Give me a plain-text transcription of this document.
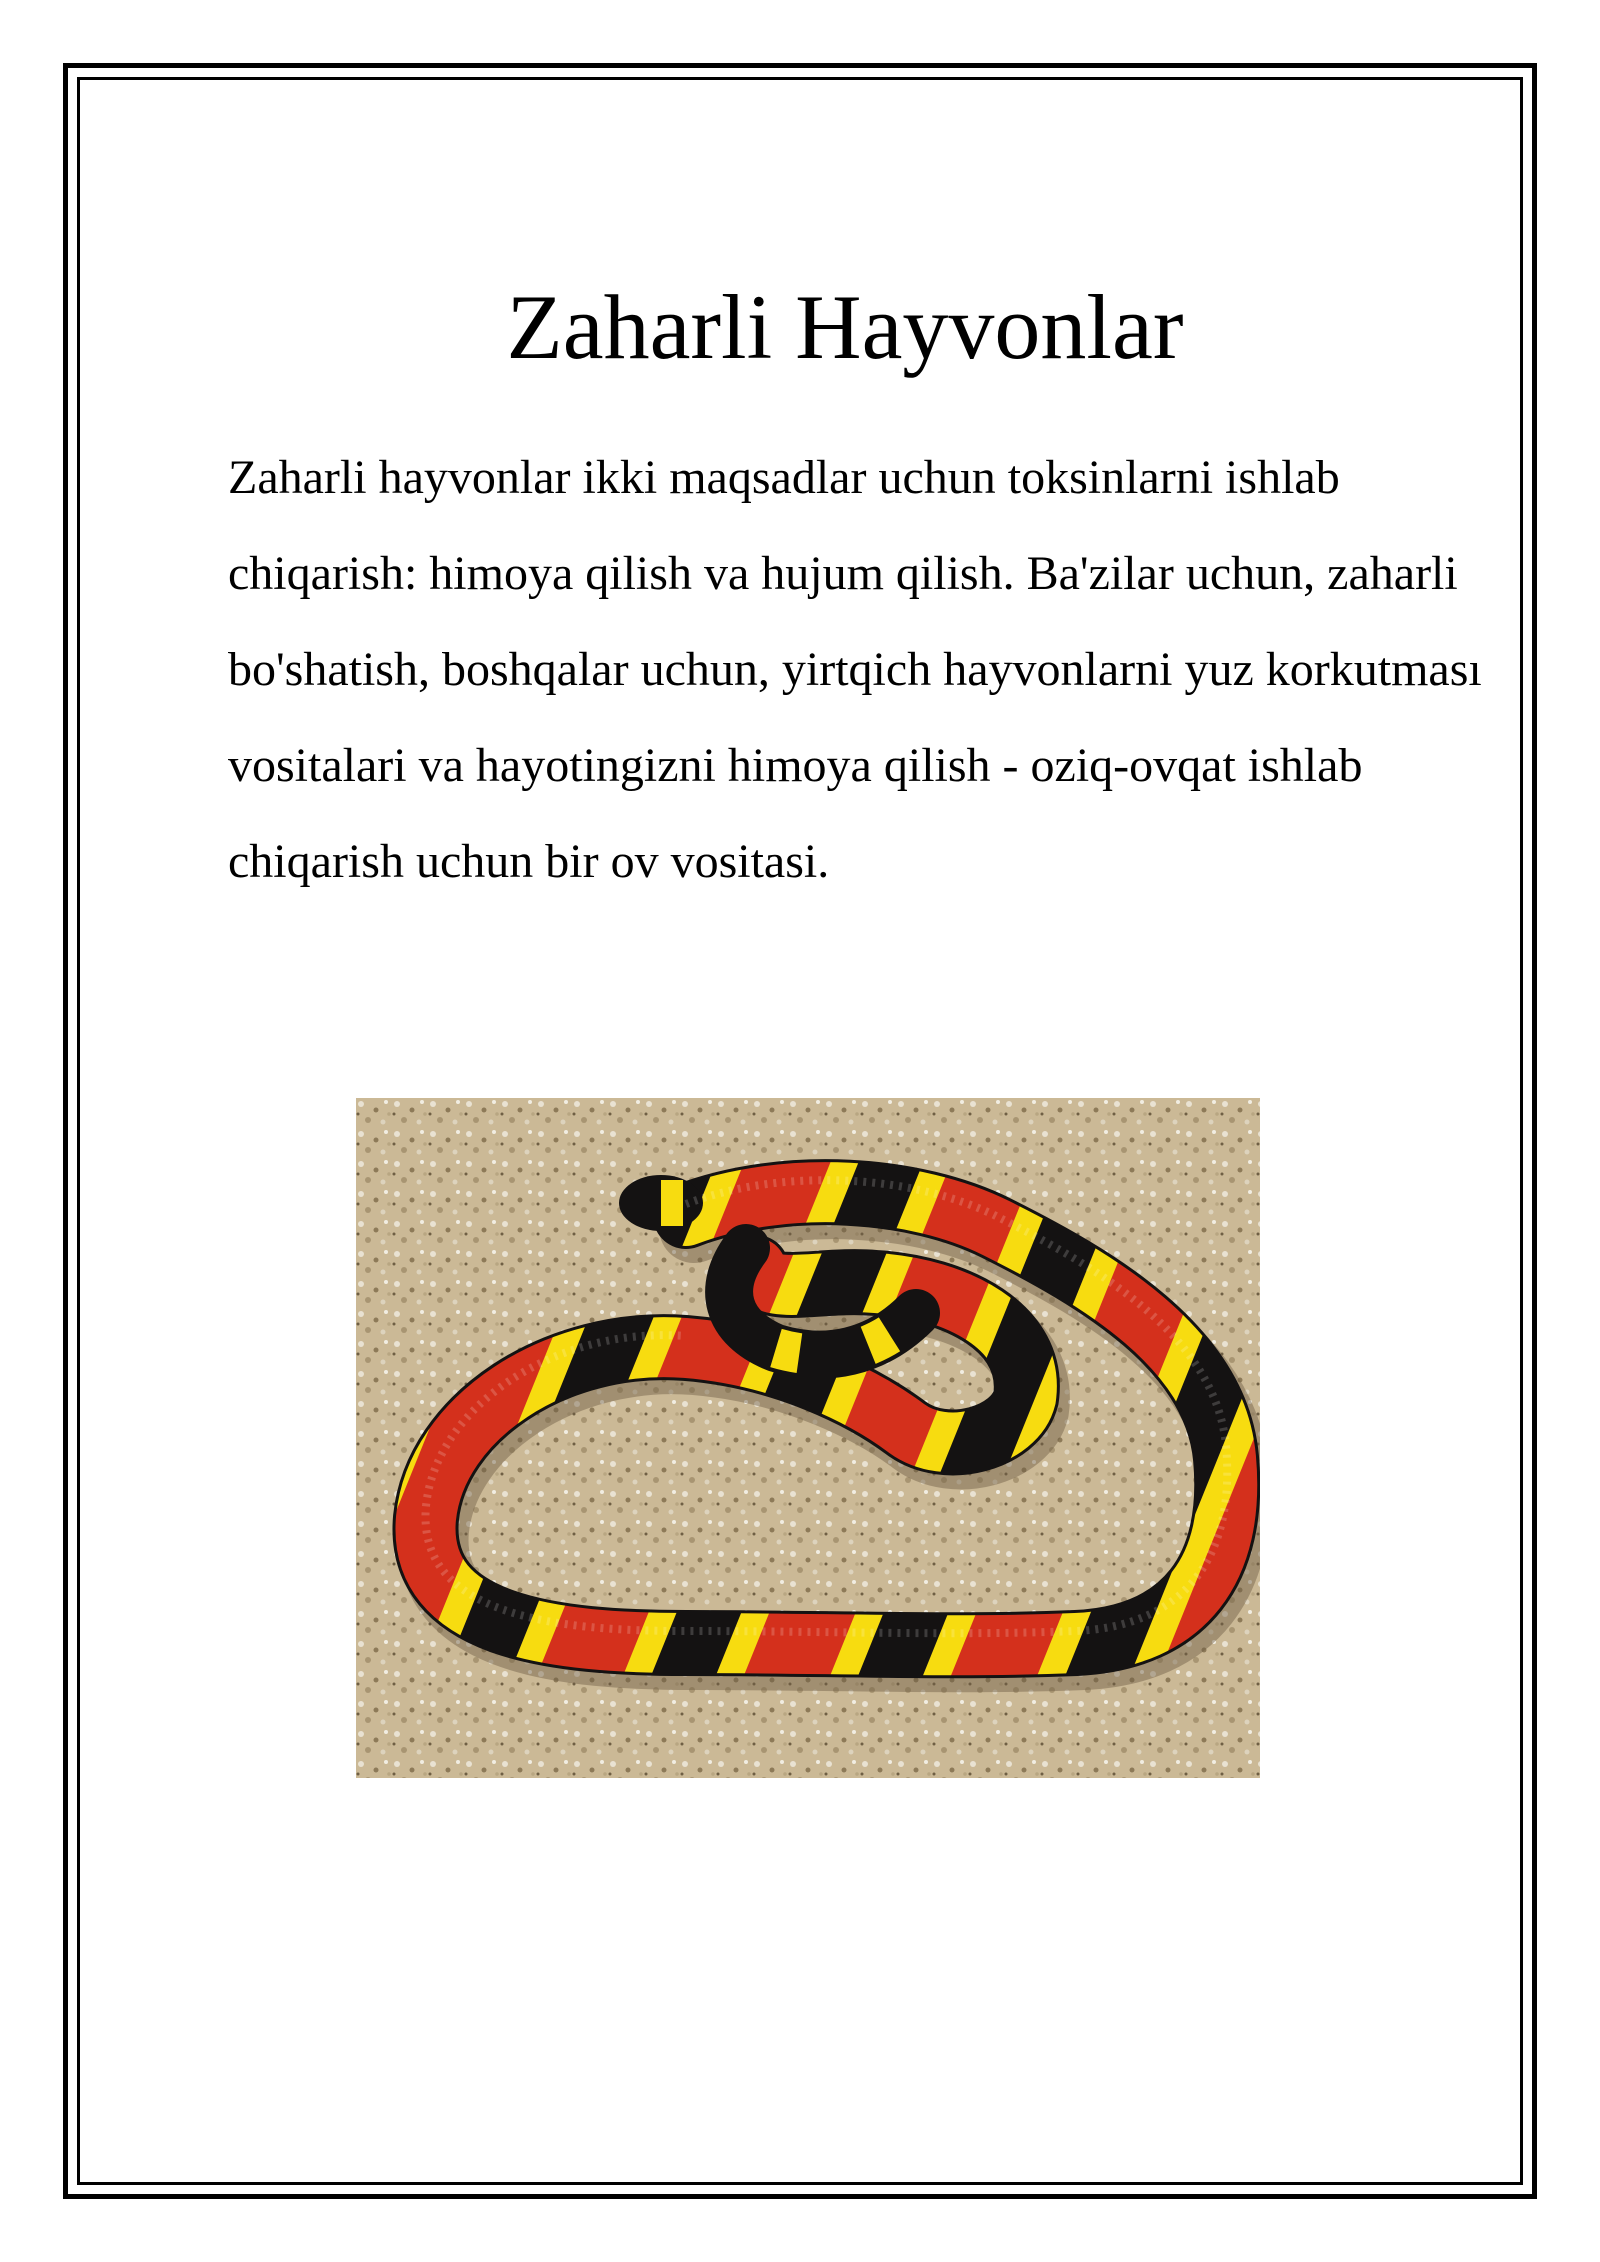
Zaharli Hayvonlar

Zaharli hayvonlar ikki maqsadlar uchun toksinlarni ishlab chiqarish: himoya qilish va hujum qilish. Ba'zilar uchun, zaharli bo'shatish, boshqalar uchun, yirtqich hayvonlarni yuz korkutması vositalari va hayotingizni himoya qilish - oziq-ovqat ishlab chiqarish uchun bir ov vositasi.
